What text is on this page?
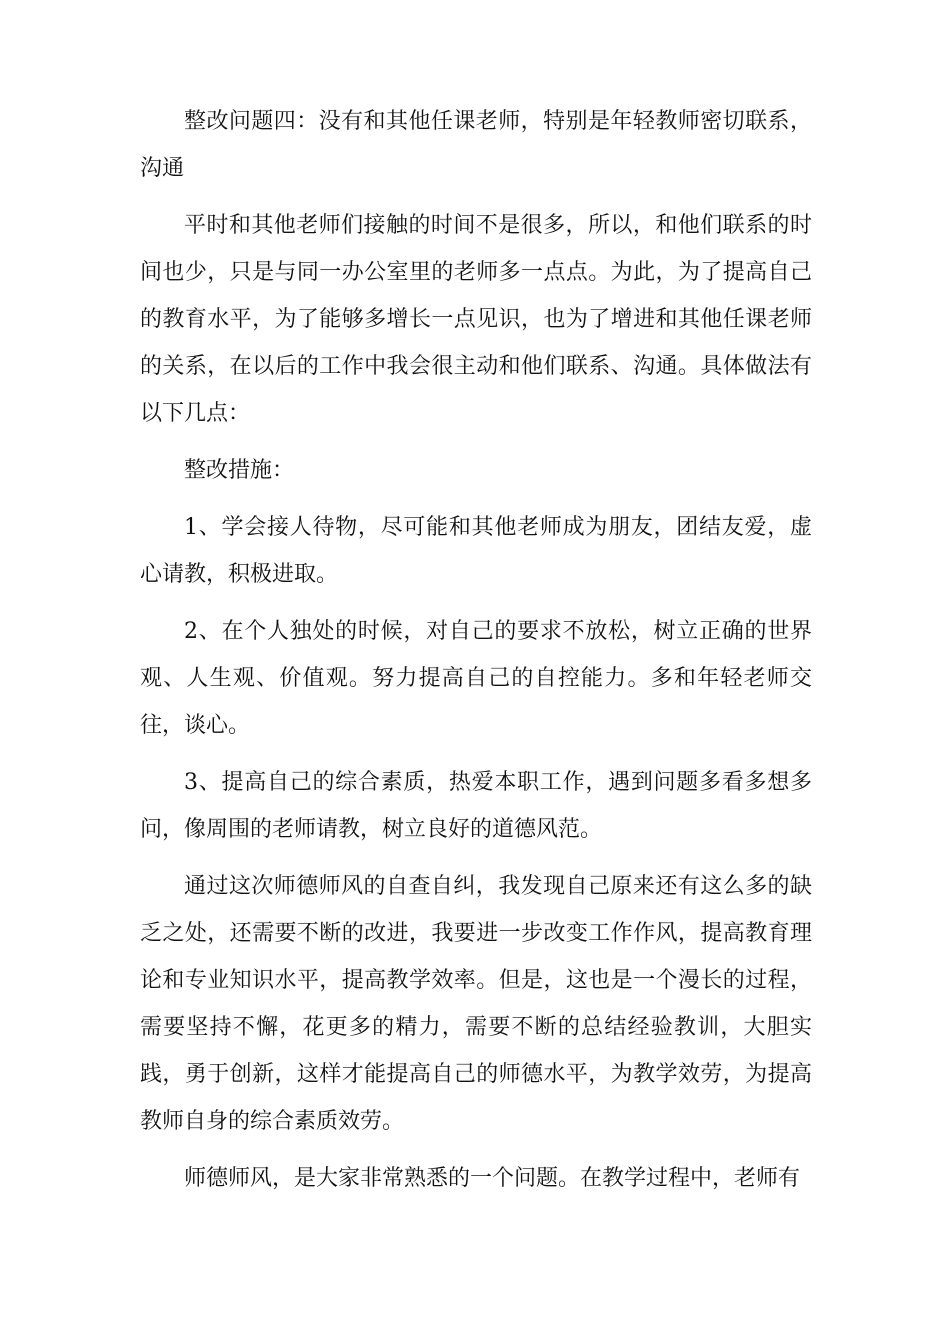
整改问题四：没有和其他任课老师，特别是年轻教师密切联系，沟通

平时和其他老师们接触的时间不是很多，所以，和他们联系的时间也少，只是与同一办公室里的老师多一点点。为此，为了提高自己的教育水平，为了能够多增长一点见识，也为了增进和其他任课老师的关系，在以后的工作中我会很主动和他们联系、沟通。具体做法有以下几点：

整改措施：

1、学会接人待物，尽可能和其他老师成为朋友，团结友爱，虚心请教，积极进取。

2、在个人独处的时候，对自己的要求不放松，树立正确的世界观、人生观、价值观。努力提高自己的自控能力。多和年轻老师交往，谈心。

3、提高自己的综合素质，热爱本职工作，遇到问题多看多想多问，像周围的老师请教，树立良好的道德风范。

通过这次师德师风的自查自纠，我发现自己原来还有这么多的缺乏之处，还需要不断的改进，我要进一步改变工作作风，提高教育理论和专业知识水平，提高教学效率。但是，这也是一个漫长的过程，需要坚持不懈，花更多的精力，需要不断的总结经验教训，大胆实践，勇于创新，这样才能提高自己的师德水平，为教学效劳，为提高教师自身的综合素质效劳。

师德师风，是大家非常熟悉的一个问题。在教学过程中，老师有
